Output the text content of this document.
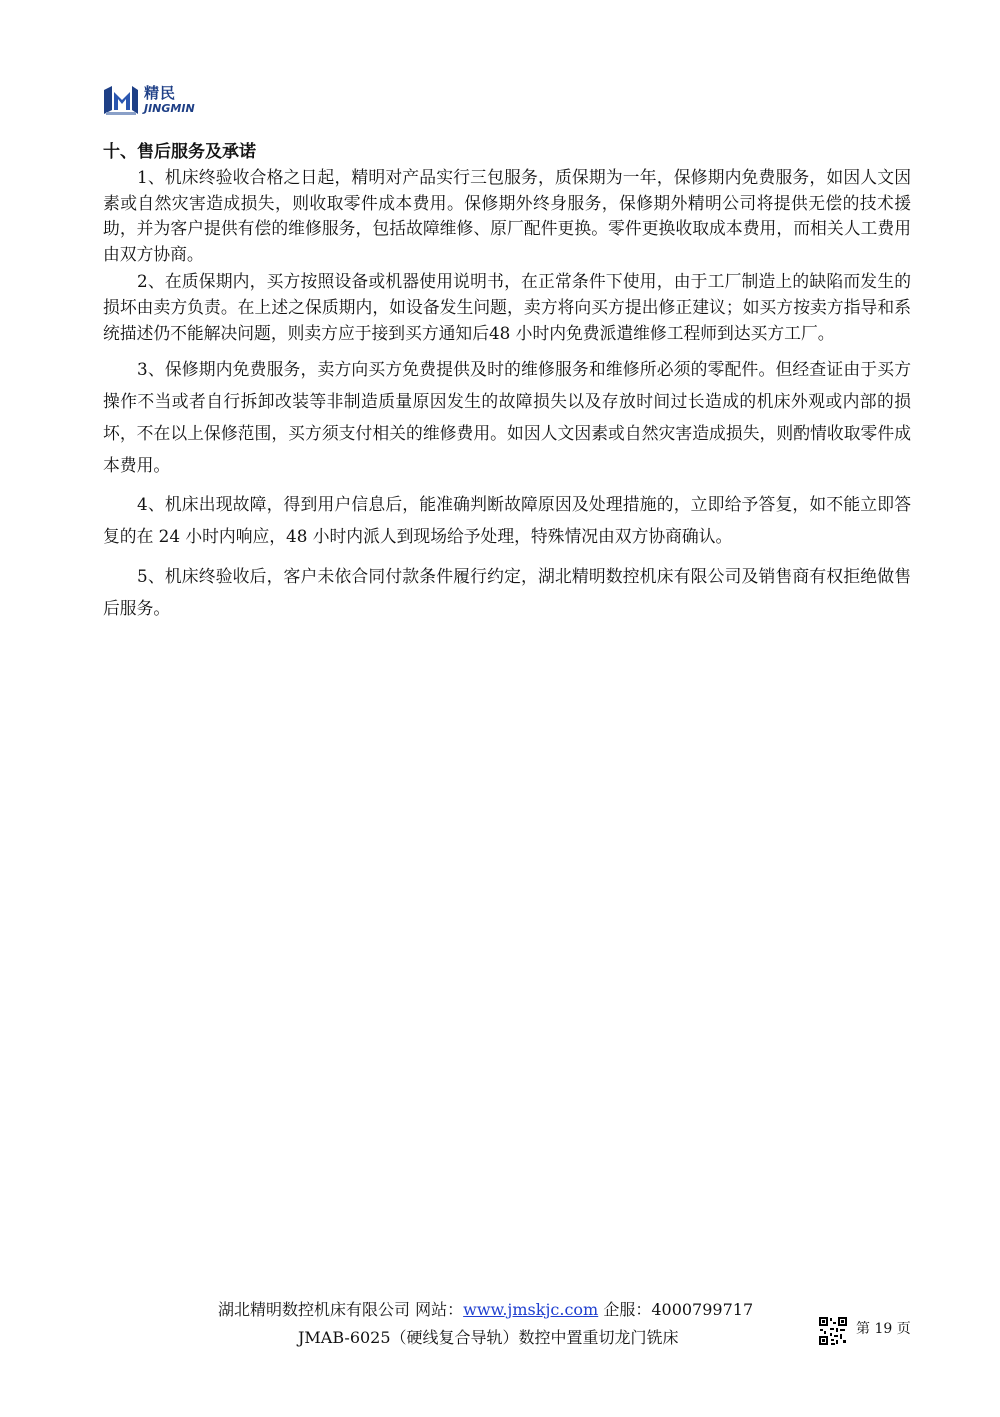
精民
JINGMIN

十、售后服务及承诺

1、机床终验收合格之日起，精明对产品实行三包服务，质保期为一年，保修期内免费服务，如因人文因素或自然灾害造成损失，则收取零件成本费用。保修期外终身服务，保修期外精明公司将提供无偿的技术援助，并为客户提供有偿的维修服务，包括故障维修、原厂配件更换。零件更换收取成本费用，而相关人工费用由双方协商。

2、在质保期内，买方按照设备或机器使用说明书，在正常条件下使用，由于工厂制造上的缺陷而发生的损坏由卖方负责。在上述之保质期内，如设备发生问题，卖方将向买方提出修正建议；如买方按卖方指导和系统描述仍不能解决问题，则卖方应于接到买方通知后48 小时内免费派遣维修工程师到达买方工厂。

3、保修期内免费服务，卖方向买方免费提供及时的维修服务和维修所必须的零配件。但经查证由于买方操作不当或者自行拆卸改装等非制造质量原因发生的故障损失以及存放时间过长造成的机床外观或内部的损坏，不在以上保修范围，买方须支付相关的维修费用。如因人文因素或自然灾害造成损失，则酌情收取零件成本费用。

4、机床出现故障，得到用户信息后，能准确判断故障原因及处理措施的，立即给予答复，如不能立即答复的在 24 小时内响应，48 小时内派人到现场给予处理，特殊情况由双方协商确认。

5、机床终验收后，客户未依合同付款条件履行约定，湖北精明数控机床有限公司及销售商有权拒绝做售后服务。

湖北精明数控机床有限公司 网站：www.jmskjc.com 企服：4000799717
JMAB-6025（硬线复合导轨）数控中置重切龙门铣床	第 19 页
